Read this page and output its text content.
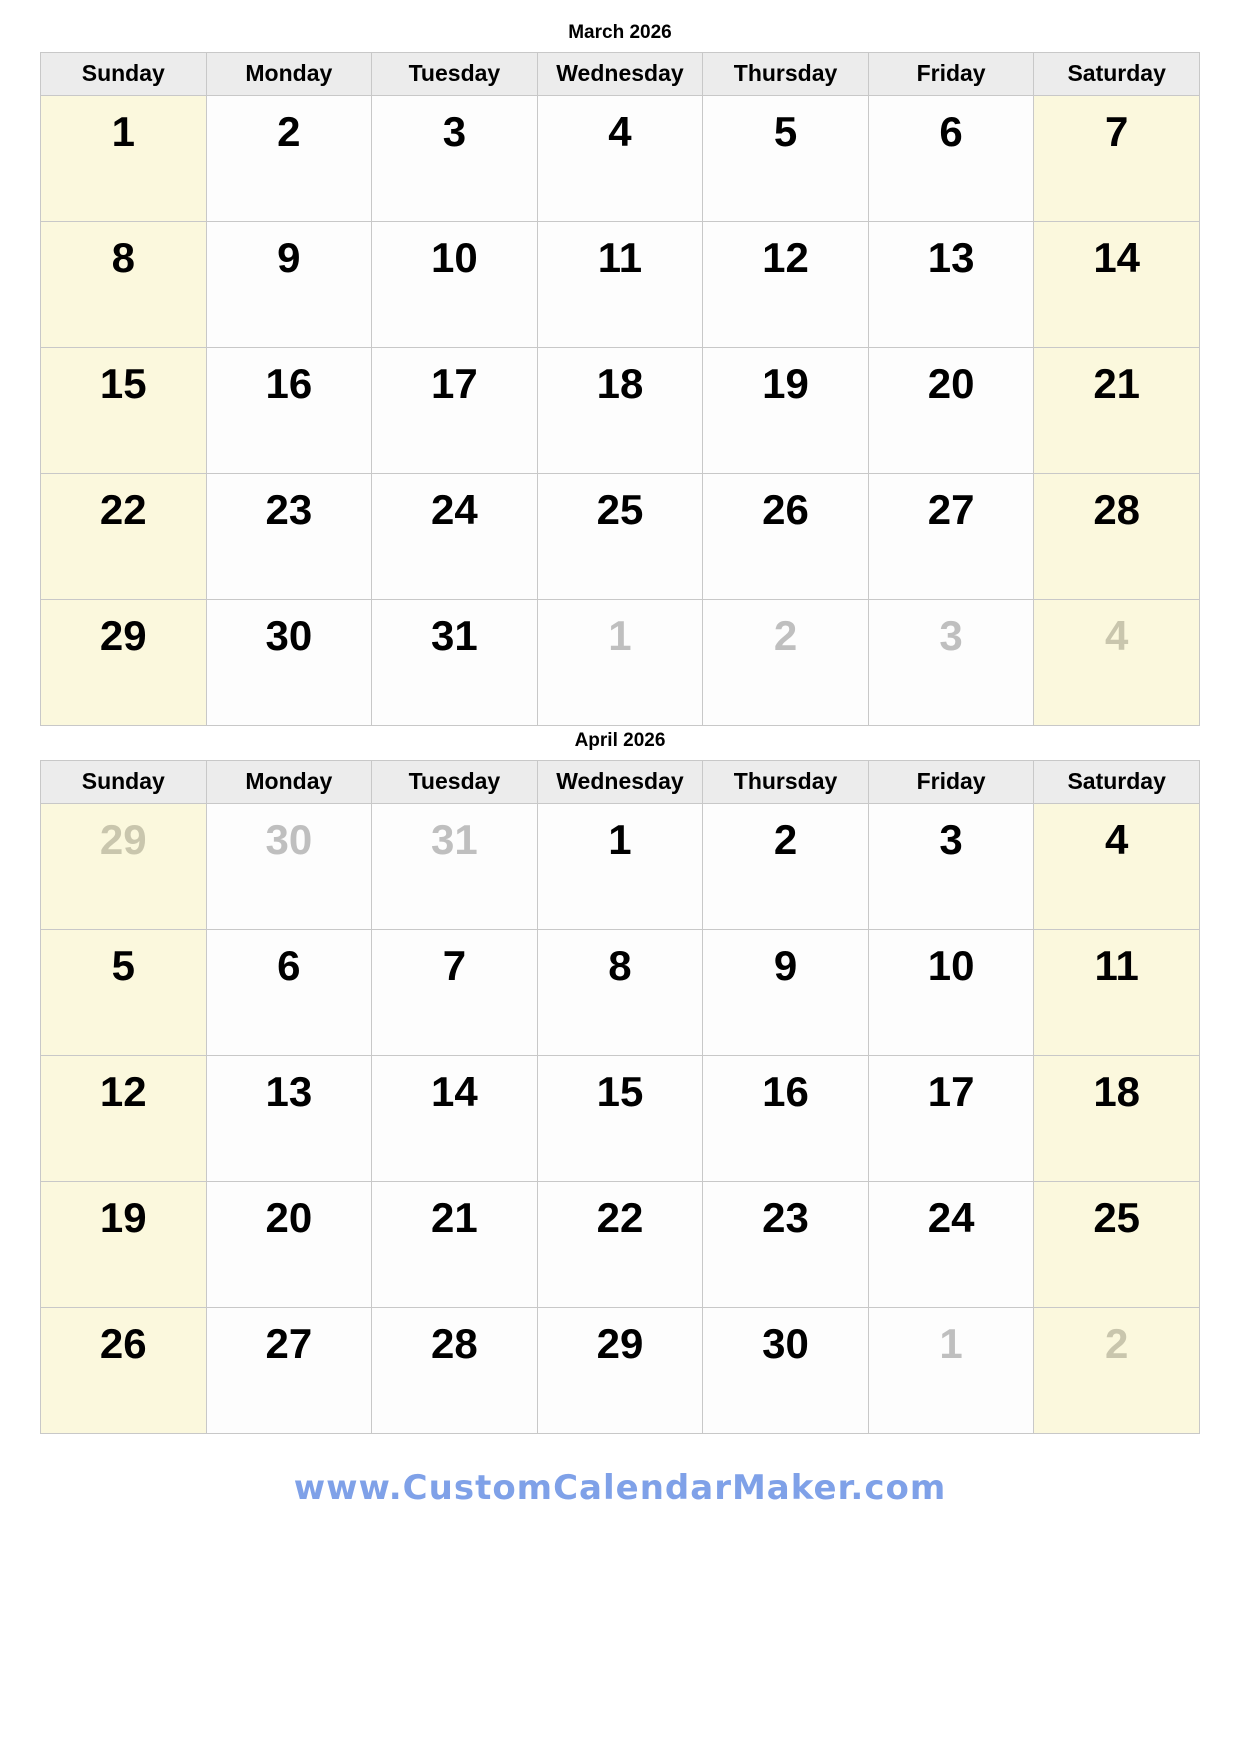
March 2026
Sunday	Monday	Tuesday	Wednesday	Thursday	Friday	Saturday
1	2	3	4	5	6	7
8	9	10	11	12	13	14
15	16	17	18	19	20	21
22	23	24	25	26	27	28
29	30	31	1	2	3	4
April 2026
Sunday	Monday	Tuesday	Wednesday	Thursday	Friday	Saturday
29	30	31	1	2	3	4
5	6	7	8	9	10	11
12	13	14	15	16	17	18
19	20	21	22	23	24	25
26	27	28	29	30	1	2
www.CustomCalendarMaker.com
